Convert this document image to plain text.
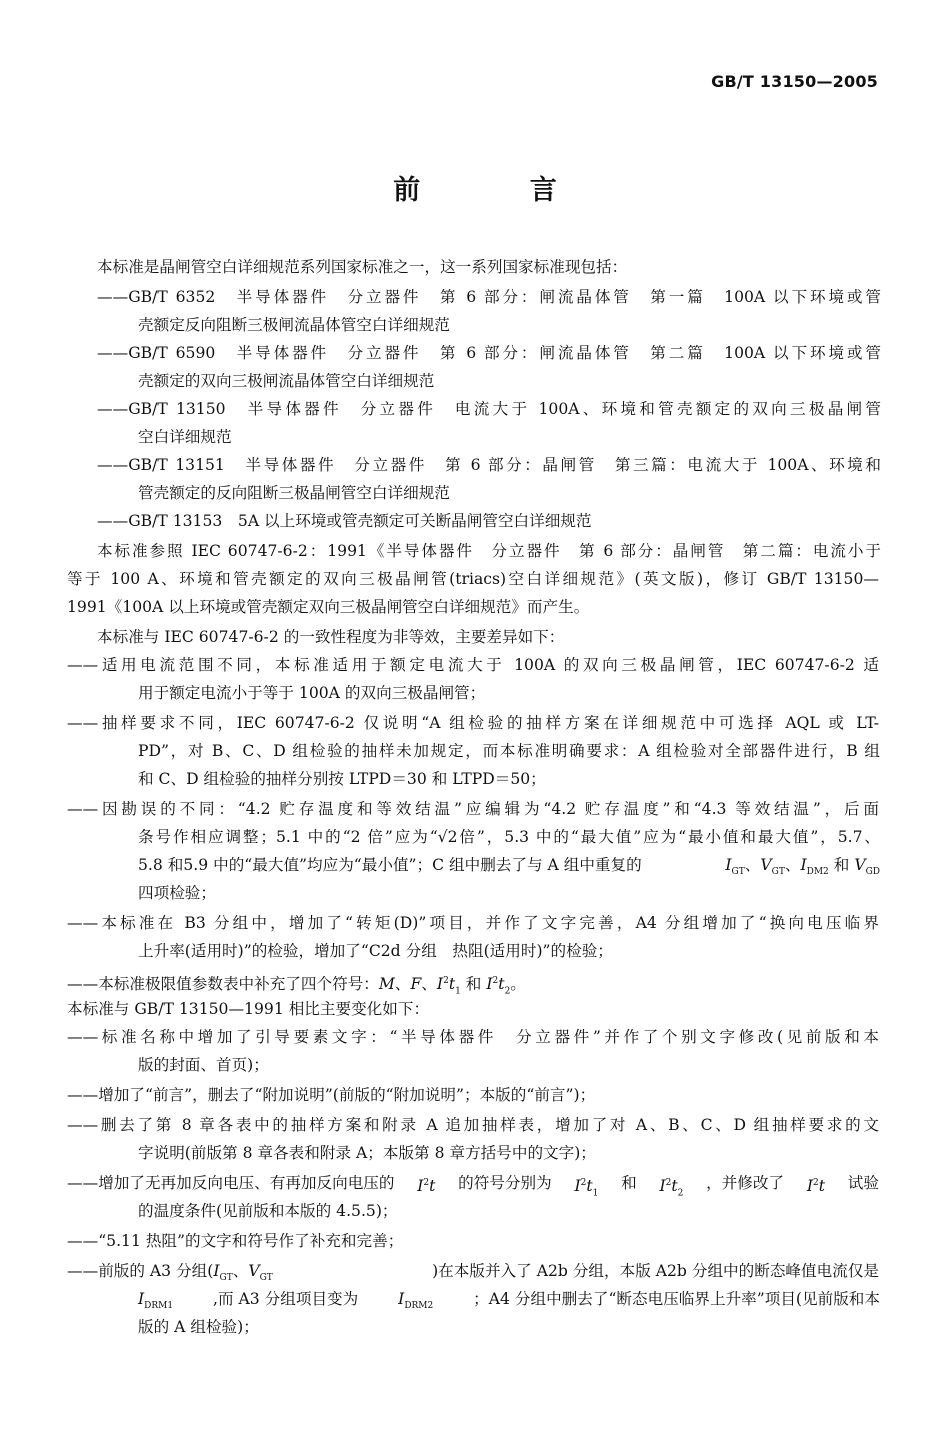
GB/T 13150—2005
前 言
本标准是晶闸管空白详细规范系列国家标准之一，这一系列国家标准现包括：
——GB/T 6352　半导体器件　分立器件　第 6 部分：闸流晶体管　第一篇　100A 以下环境或管
壳额定反向阻断三极闸流晶体管空白详细规范
——GB/T 6590　半导体器件　分立器件　第 6 部分：闸流晶体管　第二篇　100A 以下环境或管
壳额定的双向三极闸流晶体管空白详细规范
——GB/T 13150　半导体器件　分立器件　电流大于 100A、环境和管壳额定的双向三极晶闸管
空白详细规范
——GB/T 13151　半导体器件　分立器件　第 6 部分：晶闸管　第三篇：电流大于 100A、环境和
管壳额定的反向阻断三极晶闸管空白详细规范
——GB/T 13153　5A 以上环境或管壳额定可关断晶闸管空白详细规范
本标准参照 IEC 60747-6-2：1991《半导体器件　分立器件　第 6 部分：晶闸管　第二篇：电流小于
等于 100 A、环境和管壳额定的双向三极晶闸管(triacs)空白详细规范》(英文版)，修订 GB/T 13150—
1991《100A 以上环境或管壳额定双向三极晶闸管空白详细规范》而产生。
本标准与 IEC 60747-6-2 的一致性程度为非等效，主要差异如下：
——适用电流范围不同，本标准适用于额定电流大于 100A 的双向三极晶闸管，IEC 60747-6-2 适
用于额定电流小于等于 100A 的双向三极晶闸管；
——抽样要求不同，IEC 60747-6-2 仅说明“A 组检验的抽样方案在详细规范中可选择 AQL 或 LT-
PD”，对 B、C、D 组检验的抽样未加规定，而本标准明确要求：A 组检验对全部器件进行，B 组
和 C、D 组检验的抽样分别按 LTPD＝30 和 LTPD＝50；
——因勘误的不同：“4.2 贮存温度和等效结温”应编辑为“4.2 贮存温度”和“4.3 等效结温”，后面
条号作相应调整；5.1 中的“2 倍”应为“√2倍”，5.3 中的“最大值”应为“最小值和最大值”，5.7、
5.8 和5.9 中的“最大值”均应为“最小值”；C 组中删去了与 A 组中重复的	$I_{GT}$、$V_{GT}$、$I_{DM2}$ 和 $V_{GD}$
四项检验；
——本标准在 B3 分组中，增加了“转矩(D)”项目，并作了文字完善，A4 分组增加了“换向电压临界
上升率(适用时)”的检验，增加了“C2d 分组　热阻(适用时)”的检验；
——本标准极限值参数表中补充了四个符号：M、F、$I^2t_1$ 和 $I^2t_2$。
本标准与 GB/T 13150—1991 相比主要变化如下：
——标准名称中增加了引导要素文字：“半导体器件　分立器件”并作了个别文字修改(见前版和本
版的封面、首页)；
——增加了“前言”，删去了“附加说明”(前版的“附加说明”；本版的“前言”)；
——删去了第 8 章各表中的抽样方案和附录 A 追加抽样表，增加了对 A、B、C、D 组抽样要求的文
字说明(前版第 8 章各表和附录 A；本版第 8 章方括号中的文字)；
——增加了无再加反向电压、有再加反向电压的 $I^2t$ 的符号分别为 $I^2t_1$
和 $I^2t_2$
，并修改了 $I^2t$ 试验
的温度条件(见前版和本版的 4.5.5)；
——“5.11 热阻”的文字和符号作了补充和完善；
——前版的 A3 分组($I_{GT}$、$V_{GT}$	)在本版并入了 A2b 分组，本版 A2b 分组中的断态峰值电流仅是
$I_{DRM1}$	,而 A3 分组项目变为	$I_{DRM2}$	；A4 分组中删去了“断态电压临界上升率”项目(见前版和本
版的 A 组检验)；
